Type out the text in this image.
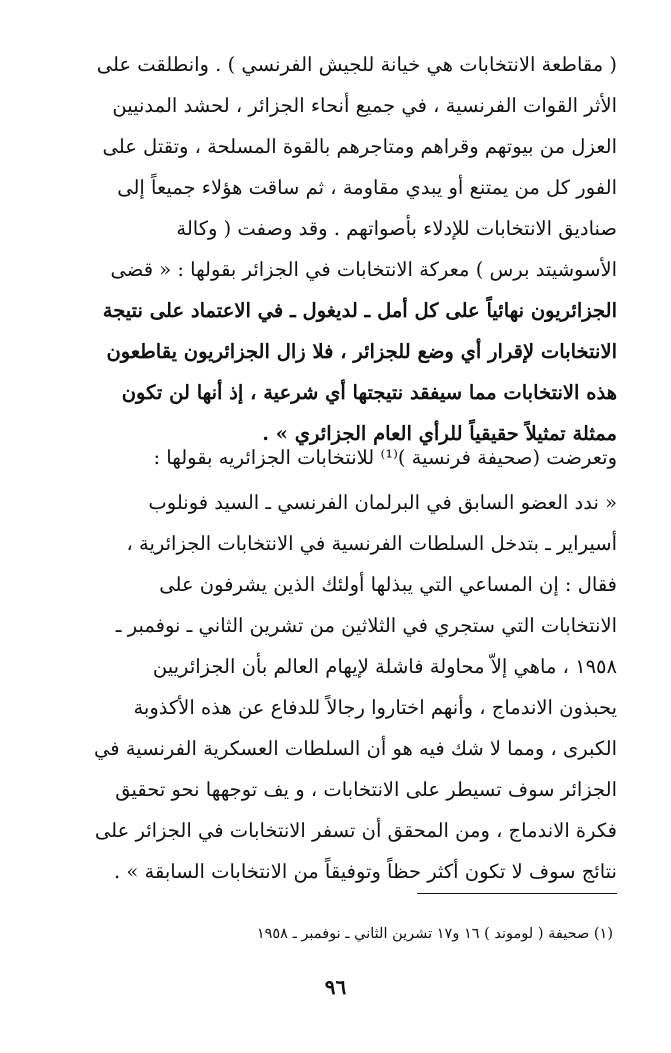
( مقاطعة الانتخابات هي خيانة للجيش الفرنسي ) . وانطلقت على
الأثر القوات الفرنسية ، في جميع أنحاء الجزائر ، لحشد المدنيين
العزل من بيوتهم وقراهم ومتاجرهم بالقوة المسلحة ، وتقتل على
الفور كل من يمتنع أو يبدي مقاومة ، ثم ساقت هؤلاء جميعاً إلى
صناديق الانتخابات للإدلاء بأصواتهم . وقد وصفت ( وكالة
الأسوشيتد برس ) معركة الانتخابات في الجزائر بقولها : « قضى
الجزائريون نهائياً على كل أمل ـ لديغول ـ في الاعتماد على نتيجة
الانتخابات لإقرار أي وضع للجزائر ، فلا زال الجزائريون يقاطعون
هذه الانتخابات مما سيفقد نتيجتها أي شرعية ، إذ أنها لن تكون
ممثلة تمثيلاً حقيقياً للرأي العام الجزائري » .
وتعرضت (صحيفة فرنسية )⁽¹⁾ للانتخابات الجزائريه بقولها :
« ندد العضو السابق في البرلمان الفرنسي ـ السيد فونلوب
أسيراير ـ بتدخل السلطات الفرنسية في الانتخابات الجزائرية ،
فقال : إن المساعي التي يبذلها أولئك الذين يشرفون على
الانتخابات التي ستجري في الثلاثين من تشرين الثاني ـ نوفمبر ـ
١٩٥٨ ، ماهي إلاّ محاولة فاشلة لإيهام العالم بأن الجزائريين
يحبذون الاندماج ، وأنهم اختاروا رجالاً للدفاع عن هذه الأكذوبة
الكبرى ، ومما لا شك فيه هو أن السلطات العسكرية الفرنسية في
الجزائر سوف تسيطر على الانتخابات ، و يف توجهها نحو تحقيق
فكرة الاندماج ، ومن المحقق أن تسفر الانتخابات في الجزائر على
نتائج سوف لا تكون أكثر حظاً وتوفيقاً من الانتخابات السابقة » .
(١) صحيفة ( لوموند ) ١٦ و١٧ تشرين الثاني ـ نوفمبر ـ ١٩٥٨
٩٦
